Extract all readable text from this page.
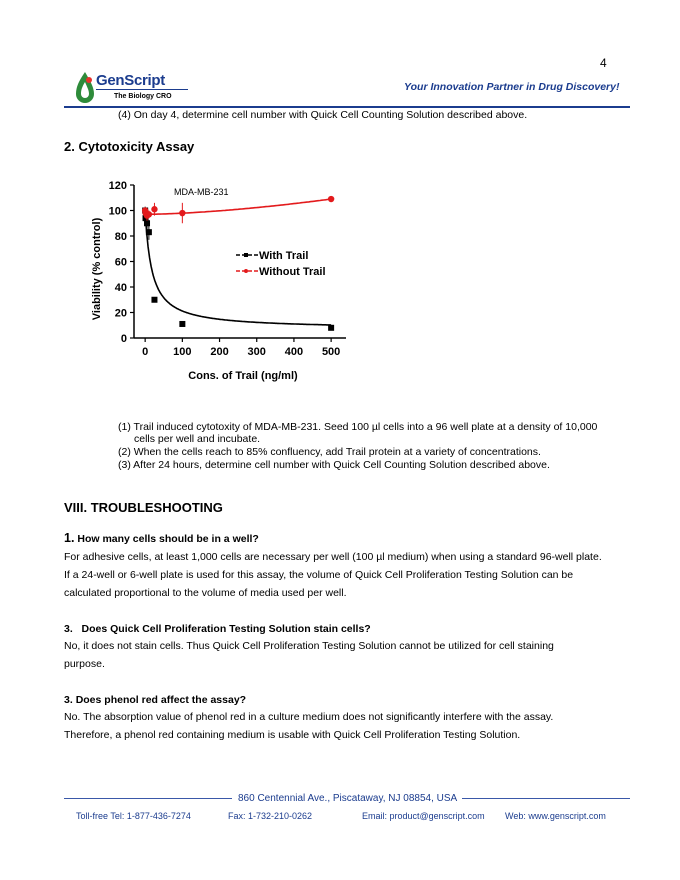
4
GenScript
The Biology CRO
Your Innovation Partner in Drug Discovery!
(4) On day 4, determine cell number with Quick Cell Counting Solution described above.
2. Cytotoxicity Assay
0
20
40
60
80
100
120
0 100 200 300 400 500
MDA-MB-231
Cons. of Trail (ng/ml)
Viability (% control)	With Trail
Without Trail
(1) Trail induced cytotoxity of MDA-MB-231. Seed 100 µl cells into a 96 well plate at a density of 10,000
cells per well and incubate.
(2) When the cells reach to 85% confluency, add Trail protein at a variety of concentrations.
(3) After 24 hours, determine cell number with Quick Cell Counting Solution described above.
VIII. TROUBLESHOOTING
1. How many cells should be in a well?
For adhesive cells, at least 1,000 cells are necessary per well (100 µl medium) when using a standard 96-well plate.
If a 24-well or 6-well plate is used for this assay, the volume of Quick Cell Proliferation Testing Solution can be
calculated proportional to the volume of media used per well.
3. Does Quick Cell Proliferation Testing Solution stain cells?
No, it does not stain cells. Thus Quick Cell Proliferation Testing Solution cannot be utilized for cell staining
purpose.
3. Does phenol red affect the assay?
No. The absorption value of phenol red in a culture medium does not significantly interfere with the assay.
Therefore, a phenol red containing medium is usable with Quick Cell Proliferation Testing Solution.
860 Centennial Ave., Piscataway, NJ 08854, USA
Toll-free Tel: 1-877-436-7274	Fax: 1-732-210-0262	Email: product@genscript.com Web: www.genscript.com
